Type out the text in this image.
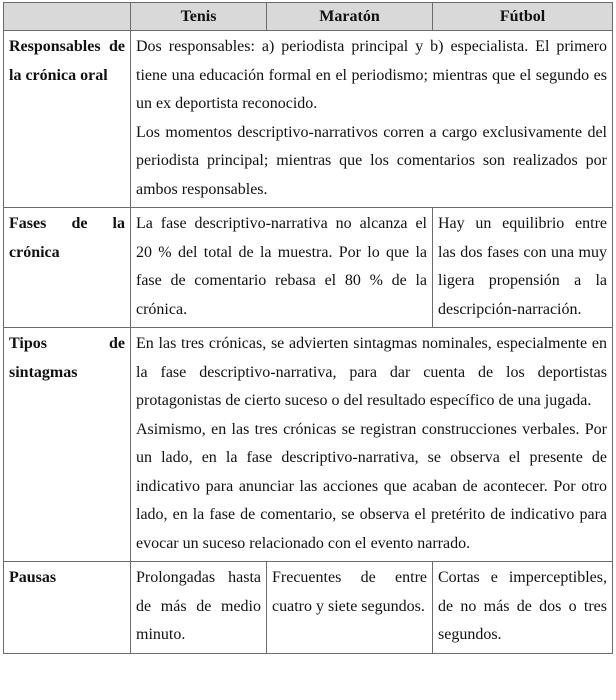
	Tenis	Maratón	Fútbol
Responsables de la crónica oral	Dos responsables: a) periodista principal y b) especialista. El primero tiene una educación formal en el periodismo; mientras que el segundo es un ex deportista reconocido.

Los momentos descriptivo-narrativos corren a cargo exclusivamente del periodista principal; mientras que los comentarios son realizados por ambos responsables.		

Fases de la crónica	La fase descriptivo-narrativa no alcanza el 20 % del total de la muestra. Por lo que la fase de comentario rebasa el 80 % de la crónica.		Hay un equilibrio entre las dos fases con una muy ligera propensión a la descripción-narración.
Tipos de sintagmas	En las tres crónicas, se advierten sintagmas nominales, especialmente en la fase descriptivo-narrativa, para dar cuenta de los deportistas protagonistas de cierto suceso o del resultado específico de una jugada.

Asimismo, en las tres crónicas se registran construcciones verbales. Por un lado, en la fase descriptivo-narrativa, se observa el presente de indicativo para anunciar las acciones que acaban de acontecer. Por otro lado, en la fase de comentario, se observa el pretérito de indicativo para evocar un suceso relacionado con el evento narrado.		

Pausas	Prolongadas hasta de más de medio minuto.	Frecuentes de entre cuatro y siete segundos.	Cortas e imperceptibles, de no más de dos o tres segundos.
